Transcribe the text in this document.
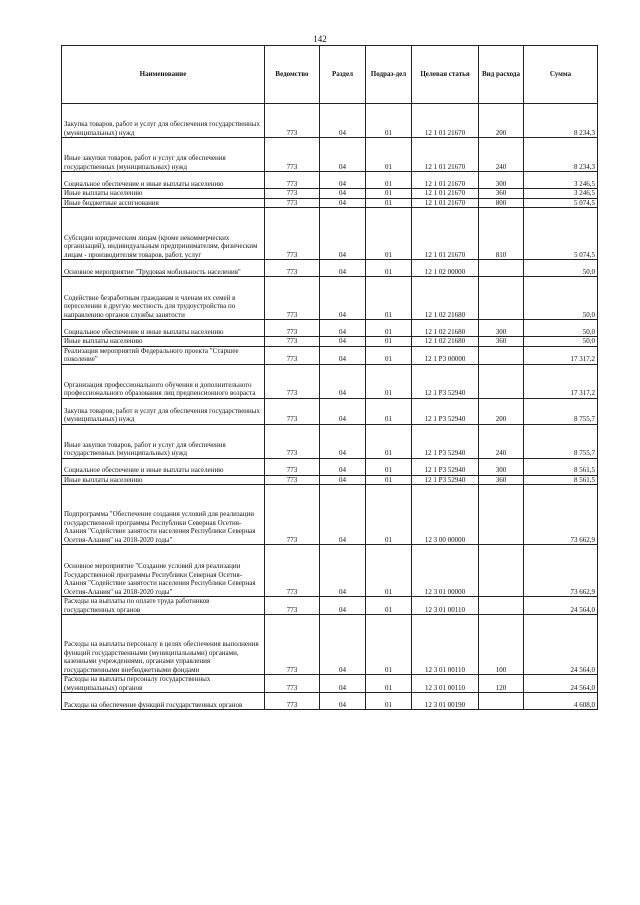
142
Наименование	Ведомство	Раздел	Подраз-дел	Целевая статья	Вид расхода	Сумма
Закупка товаров, работ и услуг для обеспечения государственных (муниципальных) нужд	773	04	01	12 1 01 21670	200	8 234,3
Иные закупки товаров, работ и услуг для обеспечения государственных (муниципальных) нужд	773	04	01	12 1 01 21670	240	8 234,3
Социальное обеспечение и иные выплаты населению	773	04	01	12 1 01 21670	300	3 246,5
Иные выплаты населению	773	04	01	12 1 01 21670	360	3 246,5
Иные бюджетные ассигнования	773	04	01	12 1 01 21670	800	5 074,5
Субсидии юридическим лицам (кроме некоммерческих организаций), индивидуальным предпринимателям, физическим лицам - производителям товаров, работ, услуг	773	04	01	12 1 01 21670	810	5 074,5
Основное мероприятие "Трудовая мобильность населения"	773	04	01	12 1 02 00000		50,0
Содействие безработным гражданам и членам их семей в переселении в другую местность для трудоустройства по направлению органов службы занятости	773	04	01	12 1 02 21680		50,0
Социальное обеспечение и иные выплаты населению	773	04	01	12 1 02 21680	300	50,0
Иные выплаты населению	773	04	01	12 1 02 21680	360	50,0
Реализация мероприятий Федерального проекта "Старшее поколение"	773	04	01	12 1 P3 00000		17 317,2
Организация профессионального обучения и дополнительного профессионального образования лиц предпенсионного возраста	773	04	01	12 1 P3 52940		17 317,2
Закупка товаров, работ и услуг для обеспечения государственных (муниципальных) нужд	773	04	01	12 1 P3 52940	200	8 755,7
Иные закупки товаров, работ и услуг для обеспечения государственных (муниципальных) нужд	773	04	01	12 1 P3 52940	240	8 755,7
Социальное обеспечение и иные выплаты населению	773	04	01	12 1 P3 52940	300	8 561,5
Иные выплаты населению	773	04	01	12 1 P3 52940	360	8 561,5
Подпрограмма "Обеспечение создания условий для реализации государственной программы Республики Северная Осетия-Алания "Содействие занятости населения Республики Северная Осетия-Алания" на 2018-2020 годы"	773	04	01	12 3 00 00000		73 662,9
Основное мероприятие "Создание условий для реализации Государственной программы Республики Северная Осетия-Алания "Содействие занятости населения Республики Северная Осетия-Алания" на 2018-2020 годы"	773	04	01	12 3 01 00000		73 662,9
Расходы на выплаты по оплате труда работников государственных органов	773	04	01	12 3 01 00110		24 564,0
Расходы на выплаты персоналу в целях обеспечения выполнения функций государственными (муниципальными) органами, казенными учреждениями, органами управления государственными внебюджетными фондами	773	04	01	12 3 01 00110	100	24 564,0
Расходы на выплаты персоналу государственных (муниципальных) органов	773	04	01	12 3 01 00110	120	24 564,0
Расходы на обеспечение функций государственных органов	773	04	01	12 3 01 00190		4 608,0
